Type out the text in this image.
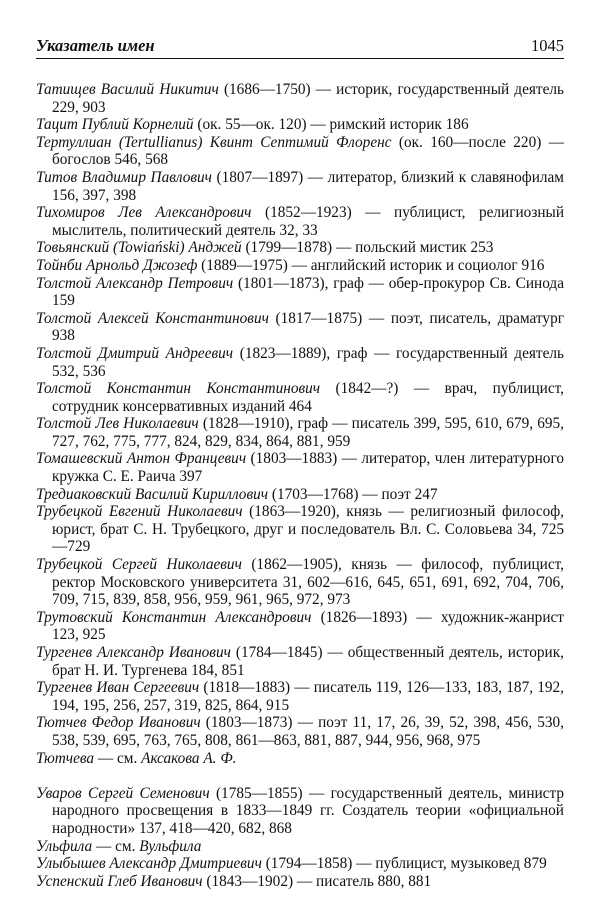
Указатель имен	1045

Татищев Василий Никитич (1686—1750) — историк, государственный деятель 229, 903

Тацит Публий Корнелий (ок. 55—ок. 120) — римский историк 186

Тертуллиан (Tertullianus) Квинт Септимий Флоренс (ок. 160—после 220) — богослов 546, 568

Титов Владимир Павлович (1807—1897) — литератор, близкий к славянофилам 156, 397, 398

Тихомиров Лев Александрович (1852—1923) — публицист, религиозный мыслитель, политический деятель 32, 33

Товьянский (Towiański) Анджей (1799—1878) — польский мистик 253

Тойнби Арнольд Джозеф (1889—1975) — английский историк и социолог 916

Толстой Александр Петрович (1801—1873), граф — обер-прокурор Св. Синода 159

Толстой Алексей Константинович (1817—1875) — поэт, писатель, драматург 938

Толстой Дмитрий Андреевич (1823—1889), граф — государственный деятель 532, 536

Толстой Константин Константинович (1842—?) — врач, публицист, сотрудник консервативных изданий 464

Толстой Лев Николаевич (1828—1910), граф — писатель 399, 595, 610, 679, 695, 727, 762, 775, 777, 824, 829, 834, 864, 881, 959

Томашевский Антон Францевич (1803—1883) — литератор, член литературного кружка С. Е. Раича 397

Тредиаковский Василий Кириллович (1703—1768) — поэт 247

Трубецкой Евгений Николаевич (1863—1920), князь — религиозный философ, юрист, брат С. Н. Трубецкого, друг и последователь Вл. С. Соловьева 34, 725—729

Трубецкой Сергей Николаевич (1862—1905), князь — философ, публицист, ректор Московского университета 31, 602—616, 645, 651, 691, 692, 704, 706, 709, 715, 839, 858, 956, 959, 961, 965, 972, 973

Трутовский Константин Александрович (1826—1893) — художник-жанрист 123, 925

Тургенев Александр Иванович (1784—1845) — общественный деятель, историк, брат Н. И. Тургенева 184, 851

Тургенев Иван Сергеевич (1818—1883) — писатель 119, 126—133, 183, 187, 192, 194, 195, 256, 257, 319, 825, 864, 915

Тютчев Федор Иванович (1803—1873) — поэт 11, 17, 26, 39, 52, 398, 456, 530, 538, 539, 695, 763, 765, 808, 861—863, 881, 887, 944, 956, 968, 975

Тютчева — см. Аксакова А. Ф.

Уваров Сергей Семенович (1785—1855) — государственный деятель, министр народного просвещения в 1833—1849 гг. Создатель теории «официальной народности» 137, 418—420, 682, 868

Ульфила — см. Вульфила

Улыбышев Александр Дмитриевич (1794—1858) — публицист, музыковед 879

Успенский Глеб Иванович (1843—1902) — писатель 880, 881
